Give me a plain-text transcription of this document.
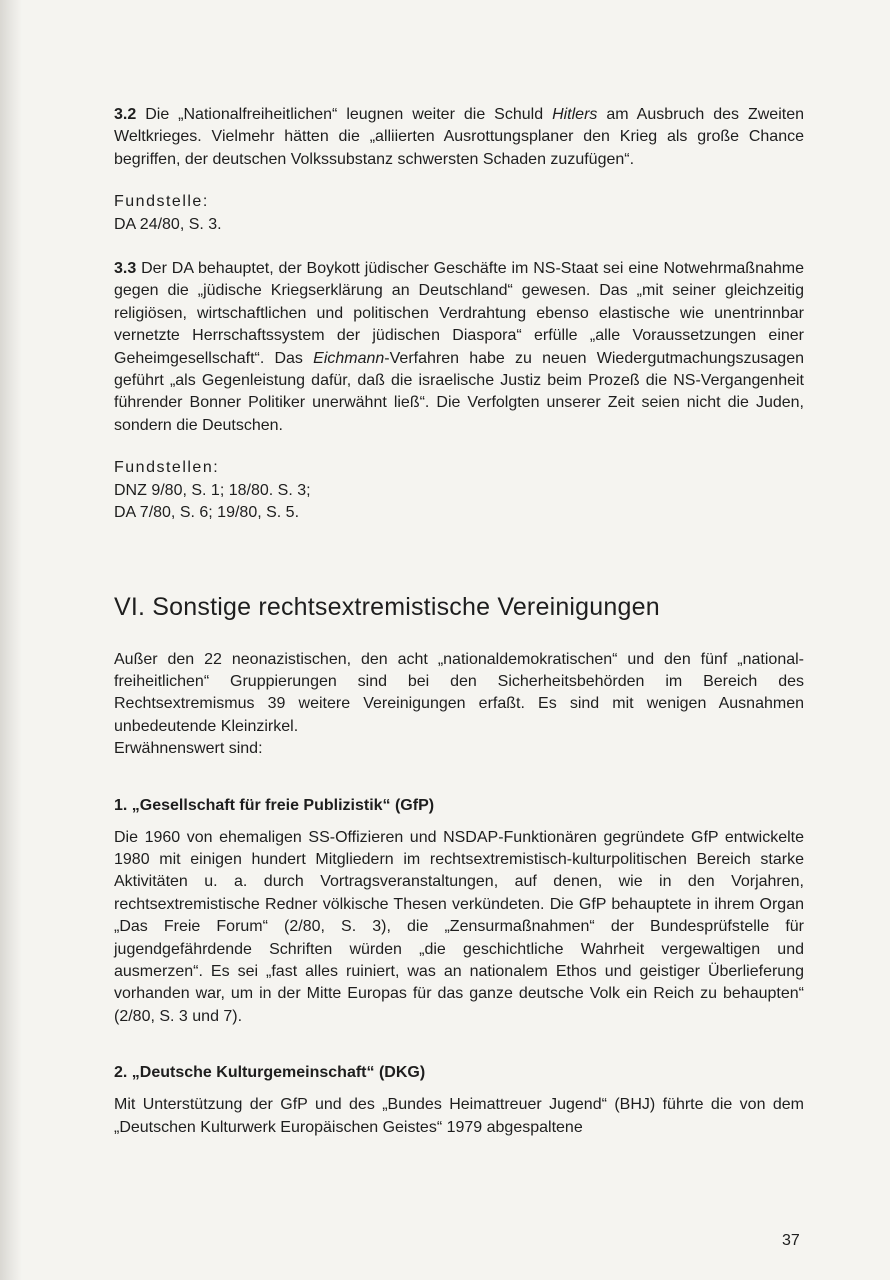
3.2 Die „Nationalfreiheitlichen“ leugnen weiter die Schuld Hitlers am Ausbruch des Zweiten Weltkrieges. Vielmehr hätten die „alliierten Ausrottungsplaner den Krieg als große Chance begriffen, der deutschen Volkssubstanz schwersten Schaden zuzufügen“.

Fundstelle:
DA 24/80, S. 3.

3.3 Der DA behauptet, der Boykott jüdischer Geschäfte im NS-Staat sei eine Notwehrmaßnahme gegen die „jüdische Kriegserklärung an Deutschland“ gewesen. Das „mit seiner gleichzeitig religiösen, wirtschaftlichen und politischen Verdrahtung ebenso elastische wie unentrinnbar vernetzte Herrschaftssystem der jüdischen Diaspora“ erfülle „alle Voraussetzungen einer Geheimgesellschaft“. Das Eichmann-Verfahren habe zu neuen Wiedergutmachungszusagen geführt „als Gegenleistung dafür, daß die israelische Justiz beim Prozeß die NS-Vergangenheit führender Bonner Politiker unerwähnt ließ“. Die Verfolgten unserer Zeit seien nicht die Juden, sondern die Deutschen.

Fundstellen:
DNZ 9/80, S. 1; 18/80. S. 3;
DA 7/80, S. 6; 19/80, S. 5.
VI. Sonstige rechtsextremistische Vereinigungen

Außer den 22 neonazistischen, den acht „nationaldemokratischen“ und den fünf „national-freiheitlichen“ Gruppierungen sind bei den Sicherheitsbehörden im Bereich des Rechtsextremismus 39 weitere Vereinigungen erfaßt. Es sind mit wenigen Ausnahmen unbedeutende Kleinzirkel.

Erwähnenswert sind:

1. „Gesellschaft für freie Publizistik“ (GfP)

Die 1960 von ehemaligen SS-Offizieren und NSDAP-Funktionären gegründete GfP entwickelte 1980 mit einigen hundert Mitgliedern im rechtsextremistisch-kulturpolitischen Bereich starke Aktivitäten u. a. durch Vortragsveranstaltungen, auf denen, wie in den Vorjahren, rechtsextremistische Redner völkische Thesen verkündeten. Die GfP behauptete in ihrem Organ „Das Freie Forum“ (2/80, S. 3), die „Zensurmaßnahmen“ der Bundesprüfstelle für jugendgefährdende Schriften würden „die geschichtliche Wahrheit vergewaltigen und ausmerzen“. Es sei „fast alles ruiniert, was an nationalem Ethos und geistiger Überlieferung vorhanden war, um in der Mitte Europas für das ganze deutsche Volk ein Reich zu behaupten“ (2/80, S. 3 und 7).

2. „Deutsche Kulturgemeinschaft“ (DKG)

Mit Unterstützung der GfP und des „Bundes Heimattreuer Jugend“ (BHJ) führte die von dem „Deutschen Kulturwerk Europäischen Geistes“ 1979 abgespaltene

37
